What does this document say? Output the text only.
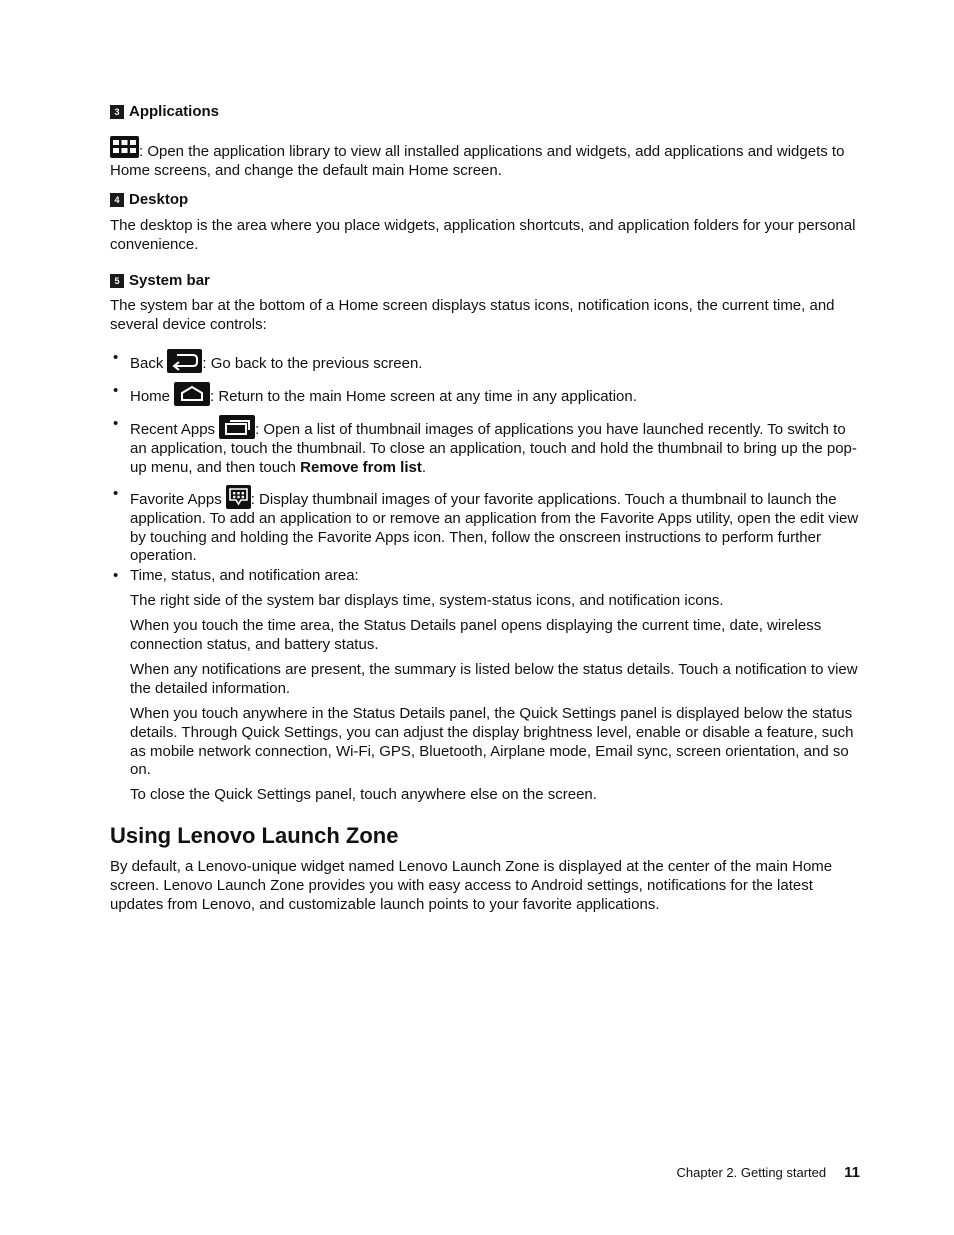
3 Applications

: Open the application library to view all installed applications and widgets, add applications and widgets to Home screens, and change the default main Home screen.

4 Desktop

The desktop is the area where you place widgets, application shortcuts, and application folders for your personal convenience.

5 System bar

The system bar at the bottom of a Home screen displays status icons, notification icons, the current time, and several device controls:

• Back	: Go back to the previous screen.

• Home	: Return to the main Home screen at any time in any application.

• Recent Apps	: Open a list of thumbnail images of applications you have launched recently. To switch to an application, touch the thumbnail. To close an application, touch and hold the thumbnail to bring up the pop-up menu, and then touch Remove from list.

• Favorite Apps : Display thumbnail images of your favorite applications. Touch a thumbnail to launch the application. To add an application to or remove an application from the Favorite Apps utility, open the edit view by touching and holding the Favorite Apps icon. Then, follow the onscreen instructions to perform further operation.

• Time, status, and notification area:

The right side of the system bar displays time, system-status icons, and notification icons.

When you touch the time area, the Status Details panel opens displaying the current time, date, wireless connection status, and battery status.

When any notifications are present, the summary is listed below the status details. Touch a notification to view the detailed information.

When you touch anywhere in the Status Details panel, the Quick Settings panel is displayed below the status details. Through Quick Settings, you can adjust the display brightness level, enable or disable a feature, such as mobile network connection, Wi-Fi, GPS, Bluetooth, Airplane mode, Email sync, screen orientation, and so on.

To close the Quick Settings panel, touch anywhere else on the screen.

Using Lenovo Launch Zone

By default, a Lenovo-unique widget named Lenovo Launch Zone is displayed at the center of the main Home screen. Lenovo Launch Zone provides you with easy access to Android settings, notifications for the latest updates from Lenovo, and customizable launch points to your favorite applications.

Chapter 2. Getting started 11
